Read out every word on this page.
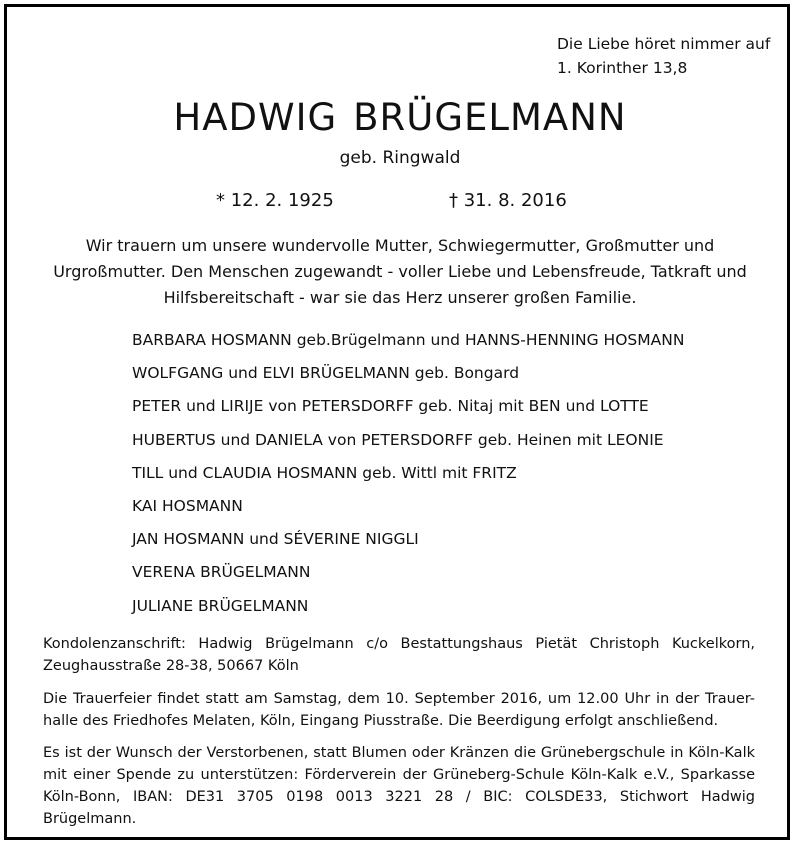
Die Liebe höret nimmer auf
1. Korinther 13,8
HADWIG BRÜGELMANN
geb. Ringwald
* 12. 2. 1925	† 31. 8. 2016

Wir trauern um unsere wundervolle Mutter, Schwiegermutter, Großmutter und

Urgroßmutter. Den Menschen zugewandt - voller Liebe und Lebensfreude, Tatkraft und

Hilfsbereitschaft - war sie das Herz unserer großen Familie.

BARBARA HOSMANN geb.Brügelmann und HANNS-HENNING HOSMANN
WOLFGANG und ELVI BRÜGELMANN geb. Bongard
PETER und LIRIJE von PETERSDORFF geb. Nitaj mit BEN und LOTTE
HUBERTUS und DANIELA von PETERSDORFF geb. Heinen mit LEONIE
TILL und CLAUDIA HOSMANN geb. Wittl mit FRITZ
KAI HOSMANN
JAN HOSMANN und SÉVERINE NIGGLI
VERENA BRÜGELMANN
JULIANE BRÜGELMANN
Kondolenzanschrift: Hadwig Brügelmann c/o Bestattungshaus Pietät Christoph Kuckelkorn,
Zeughausstraße 28-38, 50667 Köln
Die Trauerfeier findet statt am Samstag, dem 10. September 2016, um 12.00 Uhr in der Trauer-
halle des Friedhofes Melaten, Köln, Eingang Piusstraße. Die Beerdigung erfolgt anschließend.
Es ist der Wunsch der Verstorbenen, statt Blumen oder Kränzen die Grünebergschule in Köln-Kalk
mit einer Spende zu unterstützen: Förderverein der Grüneberg-Schule Köln-Kalk e.V., Sparkasse
Köln-Bonn, IBAN: DE31 3705 0198 0013 3221 28 / BIC: COLSDE33, Stichwort Hadwig
Brügelmann.
